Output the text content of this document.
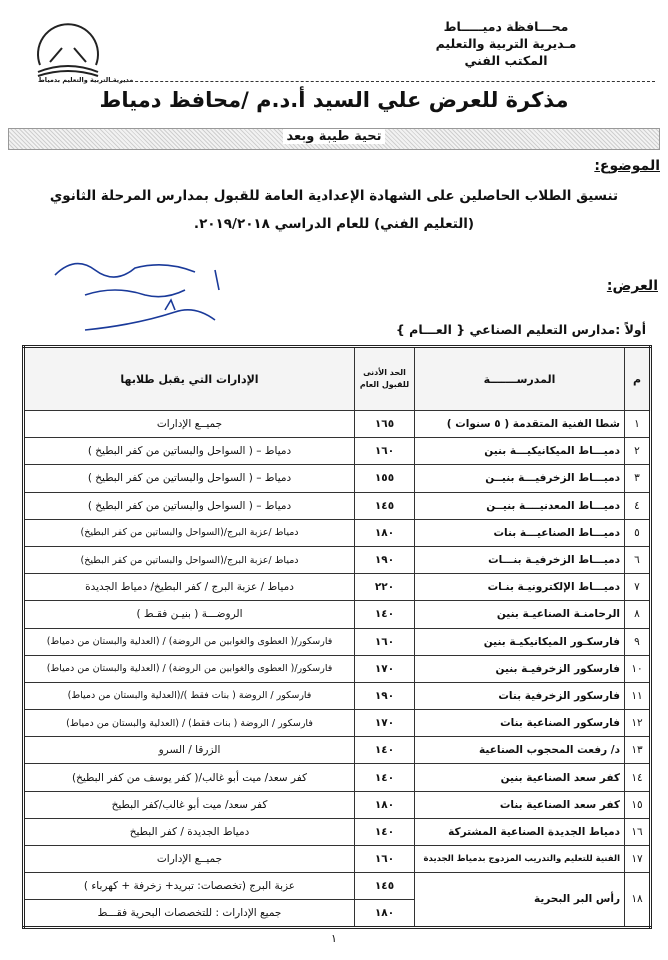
محـــافظة دميـــــاط
مـديرية التربية والتعليم
المكتب الفني
مديرية التربية والتعليم بدمياط
مذكرة للعرض علي السيد أ.د.م /محافظ دمياط
تحية طيبة وبعد
الموضوع:
تنسيق الطلاب الحاصلين على الشهادة الإعدادية العامة للقبول بمدارس المرحلة الثانوي
(التعليم الفني) للعام الدراسي ٢٠١٩/٢٠١٨.
العرض:
أولاً :مدارس التعليم الصناعي { العـــام }
م	المدرســـــــة	الحد الأدنى للقبول العام	الإدارات التي يقبل طلابها
١	شطا الفنية المتقدمة ( ٥ سنوات )	١٦٥	جميــع الإدارات
٢	دميـــاط الميكانيكيـــة بنين	١٦٠	دمياط – ( السواحل والبساتين من كفر البطيخ )
٣	دميـــاط الزخرفيـــة بنيــن	١٥٥	دمياط – ( السواحل والبساتين من كفر البطيخ )
٤	دميـــاط المعدنيــــة بنيــن	١٤٥	دمياط – ( السواحل والبساتين من كفر البطيخ )
٥	دميـــاط الصناعيـــة بنات	١٨٠	دمياط /عزبة البرج/(السواحل والبساتين من كفر البطيخ)
٦	دميـــاط الزخرفيـة بنـــات	١٩٠	دمياط /عزبة البرج/(السواحل والبساتين من كفر البطيخ)
٧	دميـــاط الإلكترونيـة بنـات	٢٢٠	دمياط / عزبة البرج / كفر البطيخ/ دمياط الجديدة
٨	الرحامنـة الصناعيـة بنين	١٤٠	الروضـــة ( بنيـن فقـط )
٩	فارسكـور الميكانيكيـة بنين	١٦٠	فارسكور/( العطوى والغوابين من الروضة) / (العدلية والبستان من دمياط)
١٠	فارسكور الزخرفيـة بنين	١٧٠	فارسكور/( العطوى والغوابين من الروضة) / (العدلية والبستان من دمياط)
١١	فارسكور الزخرفية بنات	١٩٠	فارسكور / الروضة ( بنات فقط )/(العدلية والبستان من دمياط)
١٢	فارسكور الصناعية بنات	١٧٠	فارسكور / الروضة ( بنات فقط) / (العدلية والبستان من دمياط)
١٣	د/ رفعت المحجوب الصناعية	١٤٠	الزرقا / السرو
١٤	كفر سعد الصناعية بنين	١٤٠	كفر سعد/ ميت أبو غالب/( كفر يوسف من كفر البطيخ)
١٥	كفر سعد الصناعية بنات	١٨٠	كفر سعد/ ميت أبو غالب/كفر البطيخ
١٦	دمياط الجديدة الصناعية المشتركة	١٤٠	دمياط الجديدة / كفر البطيخ
١٧	الفنية للتعليم والتدريب المزدوج بدمياط الجديدة	١٦٠	جميــع الإدارات
١٨	رأس البر البحرية	١٤٥	عزبة البرج (تخصصات: تبريد+ زخرفة + كهرباء )
		١٨٠	جميع الإدارات : للتخصصات البحرية فقـــط
١
